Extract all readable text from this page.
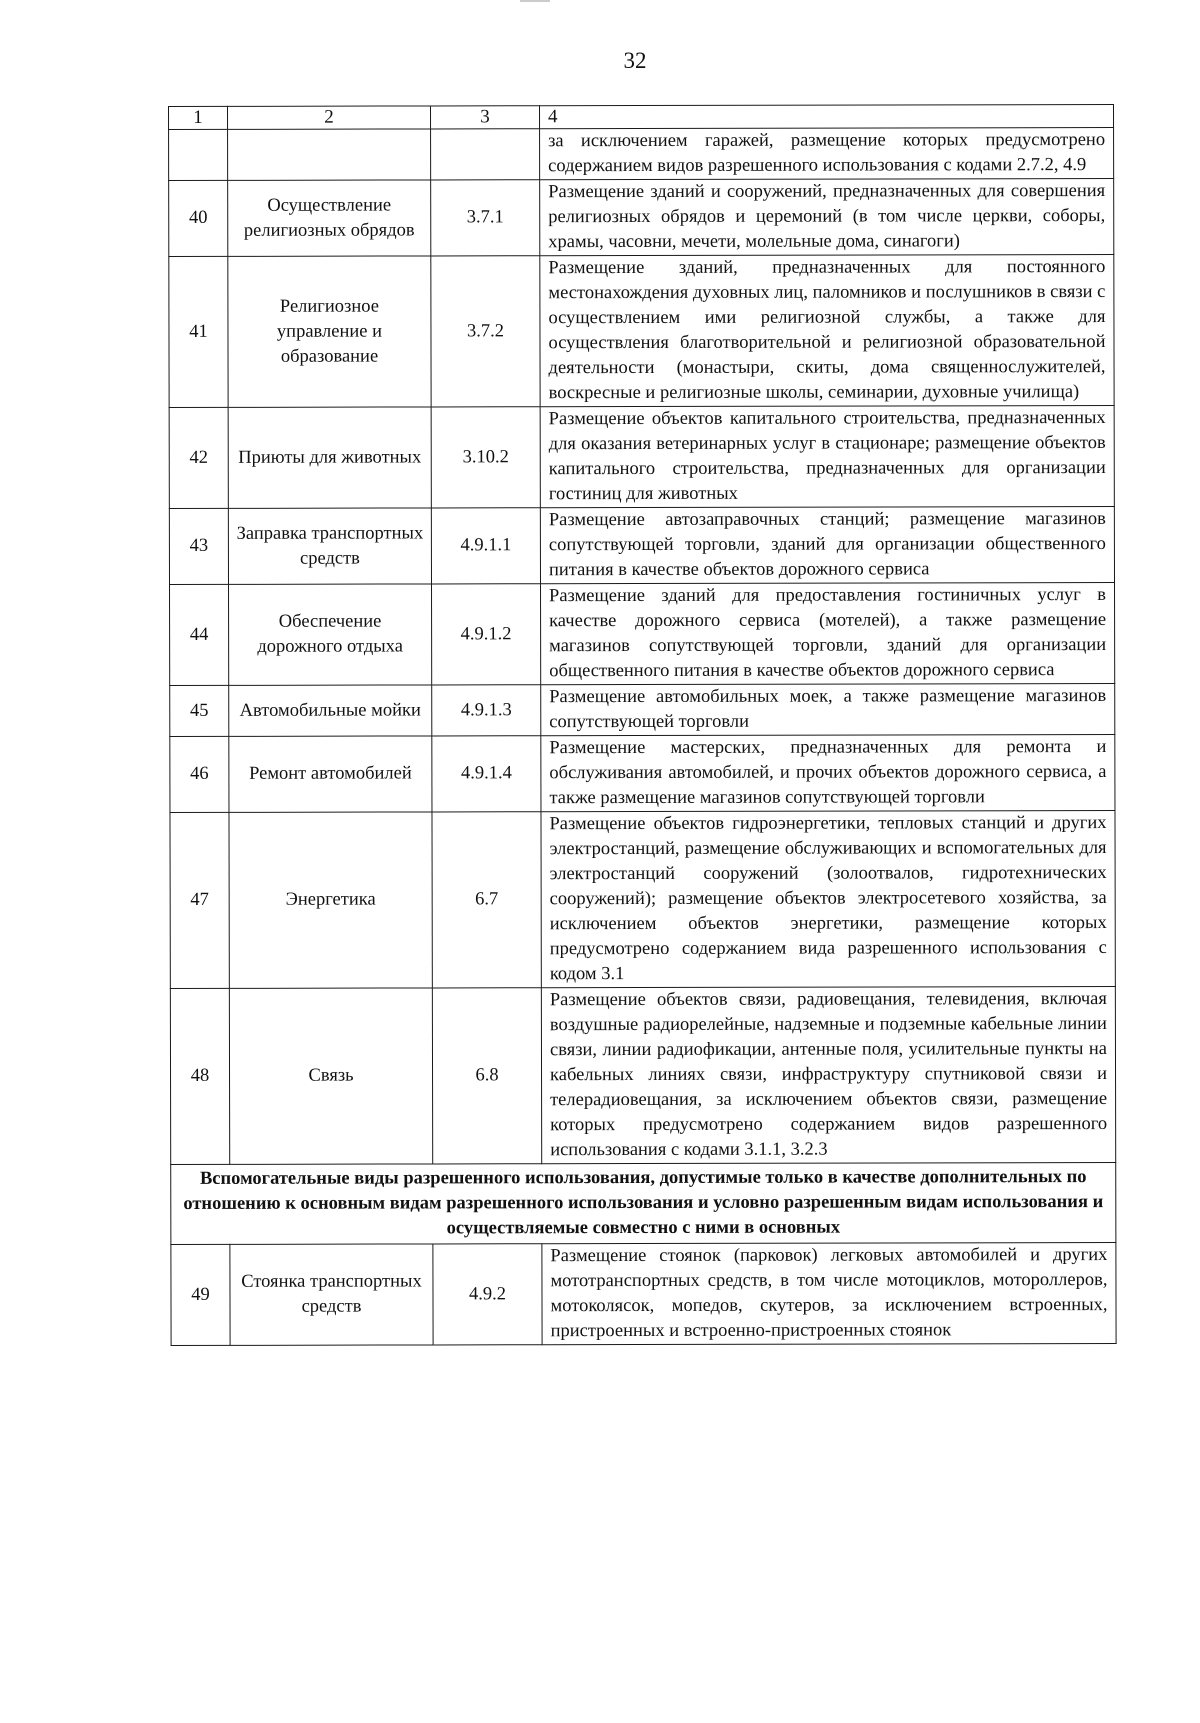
32
1	2	3	4
			за исключением гаражей, размещение которых предусмотрено содержанием видов разрешенного использования с кодами 2.7.2, 4.9
40	Осуществление религиозных обрядов	3.7.1	Размещение зданий и сооружений, предназначенных для совершения религиозных обрядов и церемоний (в том числе церкви, соборы, храмы, часовни, мечети, молельные дома, синагоги)
41	Религиозное управление и образование	3.7.2	Размещение зданий, предназначенных для постоянного местонахождения духовных лиц, паломников и послушников в связи с осуществлением ими религиозной службы, а также для осуществления благотворительной и религиозной образовательной деятельности (монастыри, скиты, дома священнослужителей, воскресные и религиозные школы, семинарии, духовные училища)
42	Приюты для животных	3.10.2	Размещение объектов капитального строительства, предназначенных для оказания ветеринарных услуг в стационаре; размещение объектов капитального строительства, предназначенных для организации гостиниц для животных
43	Заправка транспортных средств	4.9.1.1	Размещение автозаправочных станций; размещение магазинов сопутствующей торговли, зданий для организации общественного питания в качестве объектов дорожного сервиса
44	Обеспечение дорожного отдыха	4.9.1.2	Размещение зданий для предоставления гостиничных услуг в качестве дорожного сервиса (мотелей), а также размещение магазинов сопутствующей торговли, зданий для организации общественного питания в качестве объектов дорожного сервиса
45	Автомобильные мойки	4.9.1.3	Размещение автомобильных моек, а также размещение магазинов сопутствующей торговли
46	Ремонт автомобилей	4.9.1.4	Размещение мастерских, предназначенных для ремонта и обслуживания автомобилей, и прочих объектов дорожного сервиса, а также размещение магазинов сопутствующей торговли
47	Энергетика	6.7	Размещение объектов гидроэнергетики, тепловых станций и других электростанций, размещение обслуживающих и вспомогательных для электростанций сооружений (золоотвалов, гидротехнических сооружений); размещение объектов электросетевого хозяйства, за исключением объектов энергетики, размещение которых предусмотрено содержанием вида разрешенного использования с кодом 3.1
48	Связь	6.8	Размещение объектов связи, радиовещания, телевидения, включая воздушные радиорелейные, надземные и подземные кабельные линии связи, линии радиофикации, антенные поля, усилительные пункты на кабельных линиях связи, инфраструктуру спутниковой связи и телерадиовещания, за исключением объектов связи, размещение которых предусмотрено содержанием видов разрешенного использования с кодами 3.1.1, 3.2.3
Вспомогательные виды разрешенного использования, допустимые только в качестве дополнительных по отношению к основным видам разрешенного использования и условно разрешенным видам использования и осуществляемые совместно с ними в основных			
49	Стоянка транспортных средств	4.9.2	Размещение стоянок (парковок) легковых автомобилей и других мототранспортных средств, в том числе мотоциклов, мотороллеров, мотоколясок, мопедов, скутеров, за исключением встроенных, пристроенных и встроенно-пристроенных стоянок
